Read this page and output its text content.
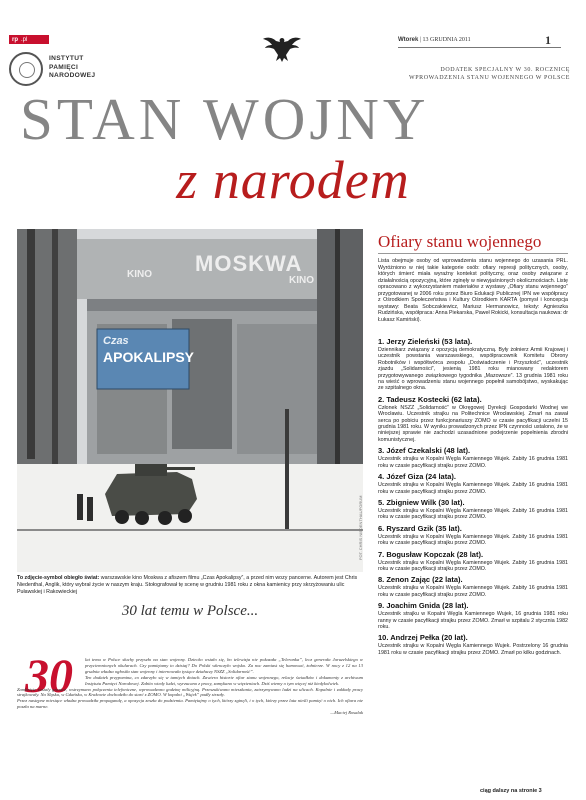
rp .pl
INSTYTUT
PAMIĘCI
NARODOWEJ
Wtorek | 13 GRUDNIA 2011	1
DODATEK SPECJALNY W 30. ROCZNICĘ
WPROWADZENIA STANU WOJENNEGO W POLSCE
STAN WOJNY
z narodem
MOSKWA
KINO
KINO
Czas
APOKALIPSY
FOT. CHRIS NIEDENTHAL/FORUM
To zdjęcie-symbol obiegło świat: warszawskie kino Moskwa z afiszem filmu „Czas Apokalipsy”, a przed nim wozy pancerne. Autorem jest Chris Niedenthal, Anglik, który wybrał życie w naszym kraju. Stołografował tę scenę w grudniu 1981 roku z okna kamienicy przy skrzyżowaniu ulic Puławskiej i Rakowieckiej
30 lat temu w Polsce...
30	lat temu w Polsce słuchy przyszło na stan wojenny. Dziecko wstało się, bo telewizja nie pokazała „Teleranka”, lecz generała Jaruzelskiego w przyciemnionych okularach. Czy pamiętamy to dzisiaj? Do Polski wkroczyło wojsko. Za noc zamiast się hamować, żołnierze. W nocy z 12 na 13 grudnia władza ogłosiła stan wojenny i internowała tysiące działaczy NSZZ „Solidarność”.

Ten dodatek przypomina, co zdarzyło się w tamtych dniach. Zawiera historie ofiar stanu wojennego, relacje świadków i dokumenty z archiwum Instytutu Pamięci Narodowej. Zabito wtedy ludzi, wyrzucano z pracy, zamykano w więzieniach. Dziś wiemy o tym więcej niż kiedykolwiek.

Zamknięte zostały granice, wstrzymano połączenia telefoniczne, wprowadzono godzinę milicyjną. Przeszukiwano mieszkania, zatrzymywano ludzi na ulicach. Kopalnie i zakłady pracy strajkowały. Na Śląsku, w Gdańsku, w Krakowie dochodziło do starć z ZOMO. W kopalni „Wujek” padły strzały.

Przez następne miesiące władza prowadziła propagandę, a opozycja zeszła do podziemia. Pamiętajmy o tych, którzy zginęli, i o tych, którzy przez lata nieśli pamięć o nich. Ich ofiara nie poszła na marne.

—Maciej Rosalak

Ofiary stanu wojennego
Lista obejmuje osoby od wprowadzenia stanu wojennego do uzasania PRL. Wyróżniono w niej takie kategorie osób: ofiary represji politycznych, osoby, których śmierć miała wyraźny kontekst polityczny, oraz osoby związane z działalnością opozycyjną, które zginęły w niewyjaśnionych okolicznościach. Listę opracowano z wykorzystaniem materiałów z wystawy „Ofiary stanu wojennego” przygotowanej w 2006 roku przez Biuro Edukacji Publicznej IPN we współpracy z Ośrodkiem Społeczeństwa i Kultury Ośrodkiem KARTA (pomysł i koncepcja wystawy: Beata Sobczakiewicz, Mariusz Hermanowicz, teksty: Agnieszka Rudzińska, współpraca: Anna Piekarska, Paweł Rokicki, konsultacja naukowa: dr Łukasz Kamiński).
1. Jerzy Zieleński (53 lata).
Dziennikarz związany z opozycją demokratyczną. Były żołnierz Armii Krajowej i uczestnik powstania warszawskiego, współpracownik Komitetu Obrony Robotników i współtwórca zespołu „Doświadczenie i Przyszłość”, uczestnik zjazdu „Solidarności”, jesienią 1981 roku mianowany redaktorem przygotowywanego związkowego tygodnika „Mazowsze”. 13 grudnia 1981 roku na wieść o wprowadzeniu stanu wojennego popełnił samobójstwo, wyskakując ze szpitalnego okna.
2. Tadeusz Kostecki (62 lata).
Członek NSZZ „Solidarność” w Okręgowej Dyrekcji Gospodarki Wodnej we Wrocławiu. Uczestnik strajku na Politechnice Wrocławskiej. Zmarł na zawał serca po pobiciu przez funkcjonariuszy ZOMO w czasie pacyfikacji uczelni 15 grudnia 1981 roku. W wyniku prowadzonych przez IPN czynności ustalono, że w niniejszej sprawie nie zachodzi uzasadnione podejrzenie popełnienia zbrodni komunistycznej.
3. Józef Czekalski (48 lat).
Uczestnik strajku w Kopalni Węgla Kamiennego Wujek. Zabity 16 grudnia 1981 roku w czasie pacyfikacji strajku przez ZOMO.
4. Józef Giza (24 lata).
Uczestnik strajku w Kopalni Węgla Kamiennego Wujek. Zabity 16 grudnia 1981 roku w czasie pacyfikacji strajku przez ZOMO.
5. Zbigniew Wilk (30 lat).
Uczestnik strajku w Kopalni Węgla Kamiennego Wujek. Zabity 16 grudnia 1981 roku w czasie pacyfikacji strajku przez ZOMO.
6. Ryszard Gzik (35 lat).
Uczestnik strajku w Kopalni Węgla Kamiennego Wujek. Zabity 16 grudnia 1981 roku w czasie pacyfikacji strajku przez ZOMO.
7. Bogusław Kopczak (28 lat).
Uczestnik strajku w Kopalni Węgla Kamiennego Wujek. Zabity 16 grudnia 1981 roku w czasie pacyfikacji strajku przez ZOMO.
8. Zenon Zając (22 lata).
Uczestnik strajku w Kopalni Węgla Kamiennego Wujek. Zabity 16 grudnia 1981 roku w czasie pacyfikacji strajku przez ZOMO.
9. Joachim Gnida (28 lat).
Uczestnik strajku w Kopalni Węgla Kamiennego Wujek, 16 grudnia 1981 roku ranny w czasie pacyfikacji strajku przez ZOMO. Zmarł w szpitalu 2 stycznia 1982 roku.
10. Andrzej Pełka (20 lat).
Uczestnik strajku w Kopalni Węgla Kamiennego Wujek. Postrzelony 16 grudnia 1981 roku w czasie pacyfikacji strajku przez ZOMO. Zmarł po kilku godzinach.
ciąg dalszy na stronie 3
